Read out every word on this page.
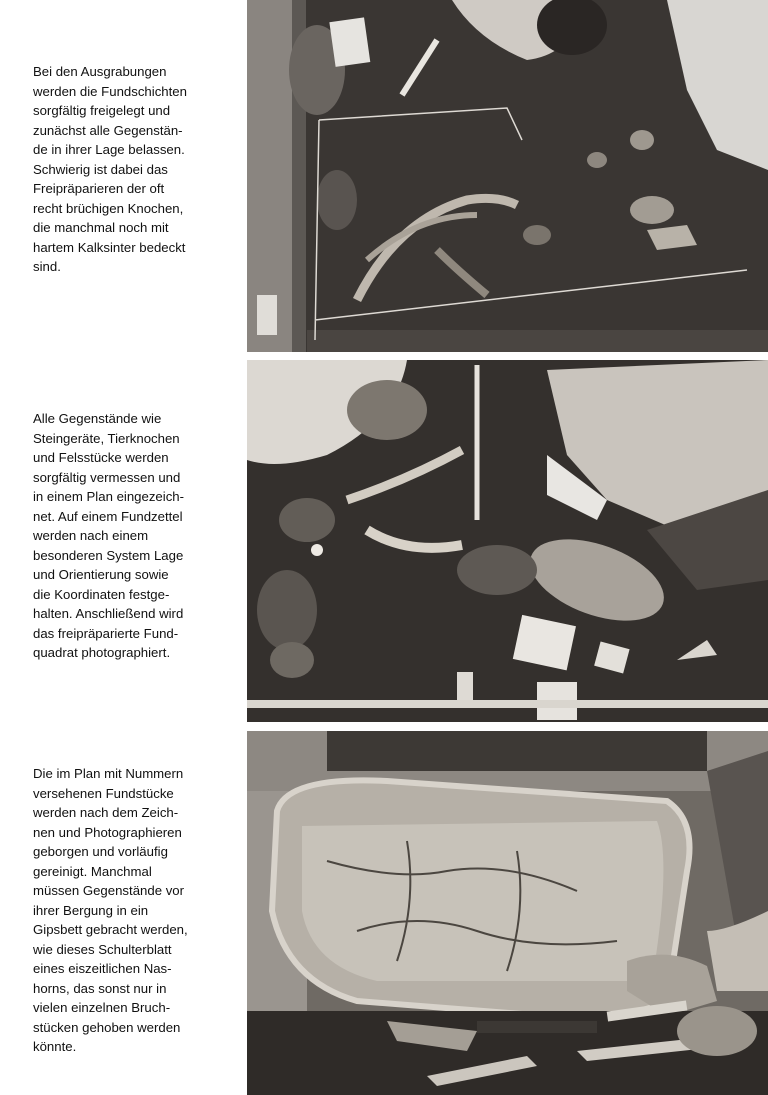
Bei den Ausgrabungen
werden die Fundschichten
sorgfältig freigelegt und
zunächst alle Gegenstän-
de in ihrer Lage belassen.
Schwierig ist dabei das
Freipräparieren der oft
recht brüchigen Knochen,
die manchmal noch mit
hartem Kalksinter bedeckt
sind.

Alle Gegenstände wie
Steingeräte, Tierknochen
und Felsstücke werden
sorgfältig vermessen und
in einem Plan eingezeich-
net. Auf einem Fundzettel
werden nach einem
besonderen System Lage
und Orientierung sowie
die Koordinaten festge-
halten. Anschließend wird
das freipräparierte Fund-
quadrat photographiert.

Die im Plan mit Nummern
versehenen Fundstücke
werden nach dem Zeich-
nen und Photographieren
geborgen und vorläufig
gereinigt. Manchmal
müssen Gegenstände vor
ihrer Bergung in ein
Gipsbett gebracht werden,
wie dieses Schulterblatt
eines eiszeitlichen Nas-
horns, das sonst nur in
vielen einzelnen Bruch-
stücken gehoben werden
könnte.
